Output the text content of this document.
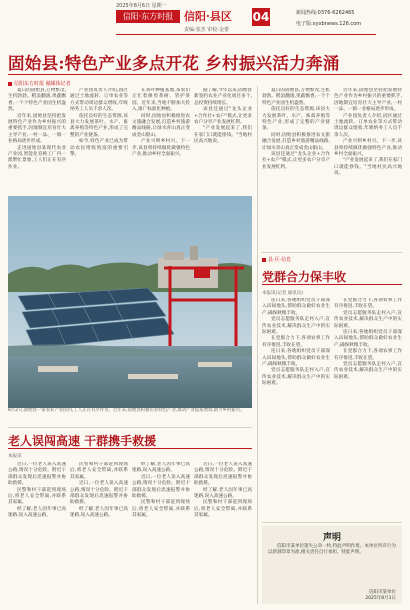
2025年8月6日 星期一
信阳·东方时报 信阳·县区
责编:张杰 审校:金蕾
04	新闻热线:0376-6262465
电子版:xyxbnews.126.com
固始县:特色产业多点开花 乡村振兴活力奔涌
信阳东方时报 融媒体记者

夏日的固始县,万物繁茂,生机勃勃。稻浪翻滚,果蔬飘香,一个个特色产业园生机盎然。

近年来,固始县坚持把发展特色产业作为乡村振兴的重要抓手,因地制宜培育壮大主导产业,一村一品、一镇一业格局逐步形成。

走进固始县某现代农业产业园,智能化育秧工厂内一派繁忙景象,工人们正在有序作业。

产业园负责人介绍,园区通过土地流转、订单农业等方式带动周边群众增收,年吸纳务工人员千余人次。

依托良好的生态资源,该县大力发展茶叶、水产、畜禽养殖等特色产业,形成了完整的产业链条。

如今,特色产业已成为带动农民增收致富的重要引擎。

在茶叶种植基地,茶农们正忙着修剪茶树、管护茶园。近年来,当地不断加大投入,推广标准化种植。

同时,固始县积极推进农文旅融合发展,打造乡村旅游精品线路,让绿水青山真正变成金山银山。

产业兴则乡村兴。下一步,该县将持续做优做强特色产业,推动乡村全面振兴。

据了解,今年以来,固始县新签约农业产业化项目多个,总投资持续增长。

该县还通过"龙头企业+合作社+农户"模式,让更多农户分享产业发展红利。

"产业发展起来了,我们在家门口就能挣钱。"当地村民高兴地说。

夏日的固始县,万物繁茂,生机勃勃。稻浪翻滚,果蔬飘香,一个个特色产业园生机盎然。

依托良好的生态资源,该县大力发展茶叶、水产、畜禽养殖等特色产业,形成了完整的产业链条。

同时,固始县积极推进农文旅融合发展,打造乡村旅游精品线路,让绿水青山真正变成金山银山。

该县还通过"龙头企业+合作社+农户"模式,让更多农户分享产业发展红利。

近年来,固始县坚持把发展特色产业作为乡村振兴的重要抓手,因地制宜培育壮大主导产业,一村一品、一镇一业格局逐步形成。

产业园负责人介绍,园区通过土地流转、订单农业等方式带动周边群众增收,年吸纳务工人员千余人次。

产业兴则乡村兴。下一步,该县将持续做优做强特色产业,推动乡村全面振兴。

"产业发展起来了,我们在家门口就能挣钱。"当地村民高兴地说。

8月2日,固始县一家农业产业园内,工人正在有序作业。近年来,固始县积极培育特色产业,推动产业提质增效,助力乡村振兴。
县·区·信息
党群合力保丰收
本报讯(记者 通讯员)

连日来,各地组织党员干部深入田间地头,帮助群众做好农业生产,确保秋粮丰收。

党员志愿服务队走村入户,宣传农业技术,解决群众生产中的实际困难。

在党群合力下,各项农事工作有序推进,丰收在望。

连日来,各地组织党员干部深入田间地头,帮助群众做好农业生产,确保秋粮丰收。

党员志愿服务队走村入户,宣传农业技术,解决群众生产中的实际困难。

在党群合力下,各项农事工作有序推进,丰收在望。

党员志愿服务队走村入户,宣传农业技术,解决群众生产中的实际困难。

连日来,各地组织党员干部深入田间地头,帮助群众做好农业生产,确保秋粮丰收。

在党群合力下,各项农事工作有序推进,丰收在望。

党员志愿服务队走村入户,宣传农业技术,解决群众生产中的实际困难。

老人误闯高速 干群携手救援
本报讯

近日,一位老人误入高速公路,情况十分危险。附近干部群众发现后迅速报警并协助救援。

民警和村干部赶到现场后,将老人安全带离,并联系其家属。

经了解,老人因年事已高迷路,误入高速公路。

民警和村干部赶到现场后,将老人安全带离,并联系其家属。

近日,一位老人误入高速公路,情况十分危险。附近干部群众发现后迅速报警并协助救援。

经了解,老人因年事已高迷路,误入高速公路。

经了解,老人因年事已高迷路,误入高速公路。

近日,一位老人误入高速公路,情况十分危险。附近干部群众发现后迅速报警并协助救援。

民警和村干部赶到现场后,将老人安全带离,并联系其家属。

近日,一位老人误入高速公路,情况十分危险。附近干部群众发现后迅速报警并协助救援。

经了解,老人因年事已高迷路,误入高速公路。

民警和村干部赶到现场后,将老人安全带离,并联系其家属。

声明

信阳市某单位遗失公章一枚,特此声明作废。本单位所有行为以新刻印章为准,相关责任自行承担。特此声明。

信阳市某单位
2025年8月1日
